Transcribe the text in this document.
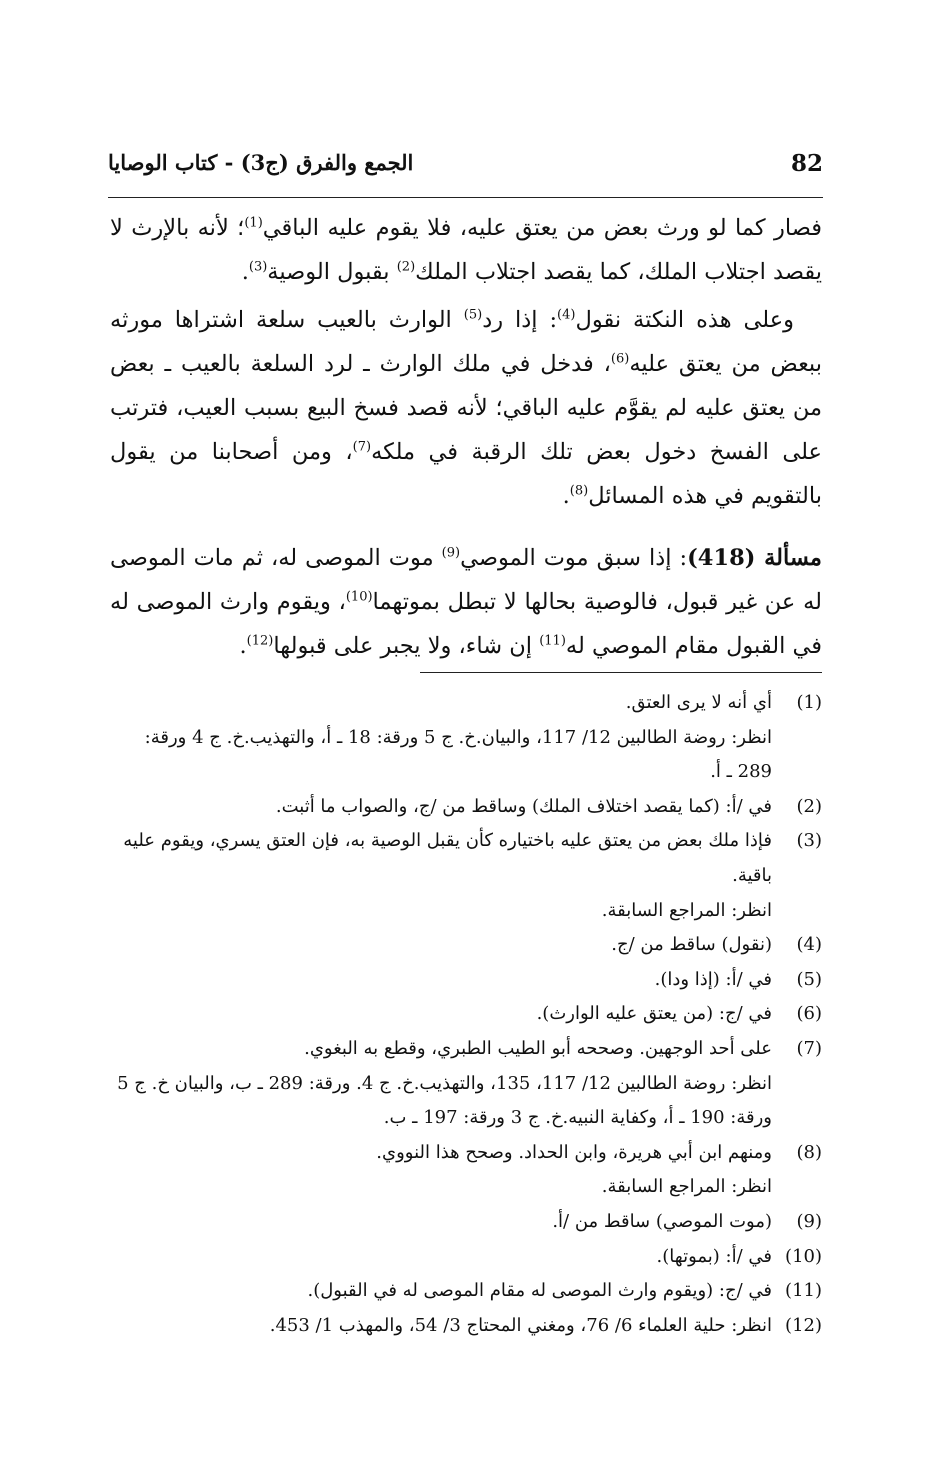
82
الجمع والفرق (ج3) - كتاب الوصايا

فصار كما لو ورث بعض من يعتق عليه، فلا يقوم عليه الباقي$^{(1)}$؛ لأنه بالإرث لا يقصد اجتلاب الملك، كما يقصد اجتلاب الملك$^{(2)}$ بقبول الوصية$^{(3)}$.

وعلى هذه النكتة نقول$^{(4)}$: إذا رد$^{(5)}$ الوارث بالعيب سلعة اشتراها مورثه ببعض من يعتق عليه$^{(6)}$، فدخل في ملك الوارث ـ لرد السلعة بالعيب ـ بعض من يعتق عليه لم يقوَّم عليه الباقي؛ لأنه قصد فسخ البيع بسبب العيب، فترتب على الفسخ دخول بعض تلك الرقبة في ملكه$^{(7)}$، ومن أصحابنا من يقول بالتقويم في هذه المسائل$^{(8)}$.

مسألة (418): إذا سبق موت الموصي$^{(9)}$ موت الموصى له، ثم مات الموصى له عن غير قبول، فالوصية بحالها لا تبطل بموتهما$^{(10)}$، ويقوم وارث الموصى له في القبول مقام الموصي له$^{(11)}$ إن شاء، ولا يجبر على قبولها$^{(12)}$.

(1)
أي أنه لا يرى العتق.
انظر: روضة الطالبين 12/ 117، والبيان.خ. ج 5 ورقة: 18 ـ أ، والتهذيب.خ. ج 4 ورقة: 289 ـ أ.
(2)
في /أ: (كما يقصد اختلاف الملك) وساقط من /ج، والصواب ما أثبت.
(3)
فإذا ملك بعض من يعتق عليه باختياره كأن يقبل الوصية به، فإن العتق يسري، ويقوم عليه باقية.
انظر: المراجع السابقة.
(4)
(نقول) ساقط من /ج.
(5)
في /أ: (إذا ودا).
(6)
في /ج: (من يعتق عليه الوارث).
(7)
على أحد الوجهين. وصححه أبو الطيب الطبري، وقطع به البغوي.
انظر: روضة الطالبين 12/ 117، 135، والتهذيب.خ. ج 4. ورقة: 289 ـ ب، والبيان خ. ج 5 ورقة: 190 ـ أ، وكفاية النبيه.خ. ج 3 ورقة: 197 ـ ب.
(8)
ومنهم ابن أبي هريرة، وابن الحداد. وصحح هذا النووي.
انظر: المراجع السابقة.
(9)
(موت الموصي) ساقط من /أ.
(10)
في /أ: (بموتها).
(11)
في /ج: (ويقوم وارث الموصى له مقام الموصى له في القبول).
(12)
انظر: حلية العلماء 6/ 76، ومغني المحتاج 3/ 54، والمهذب 1/ 453.
